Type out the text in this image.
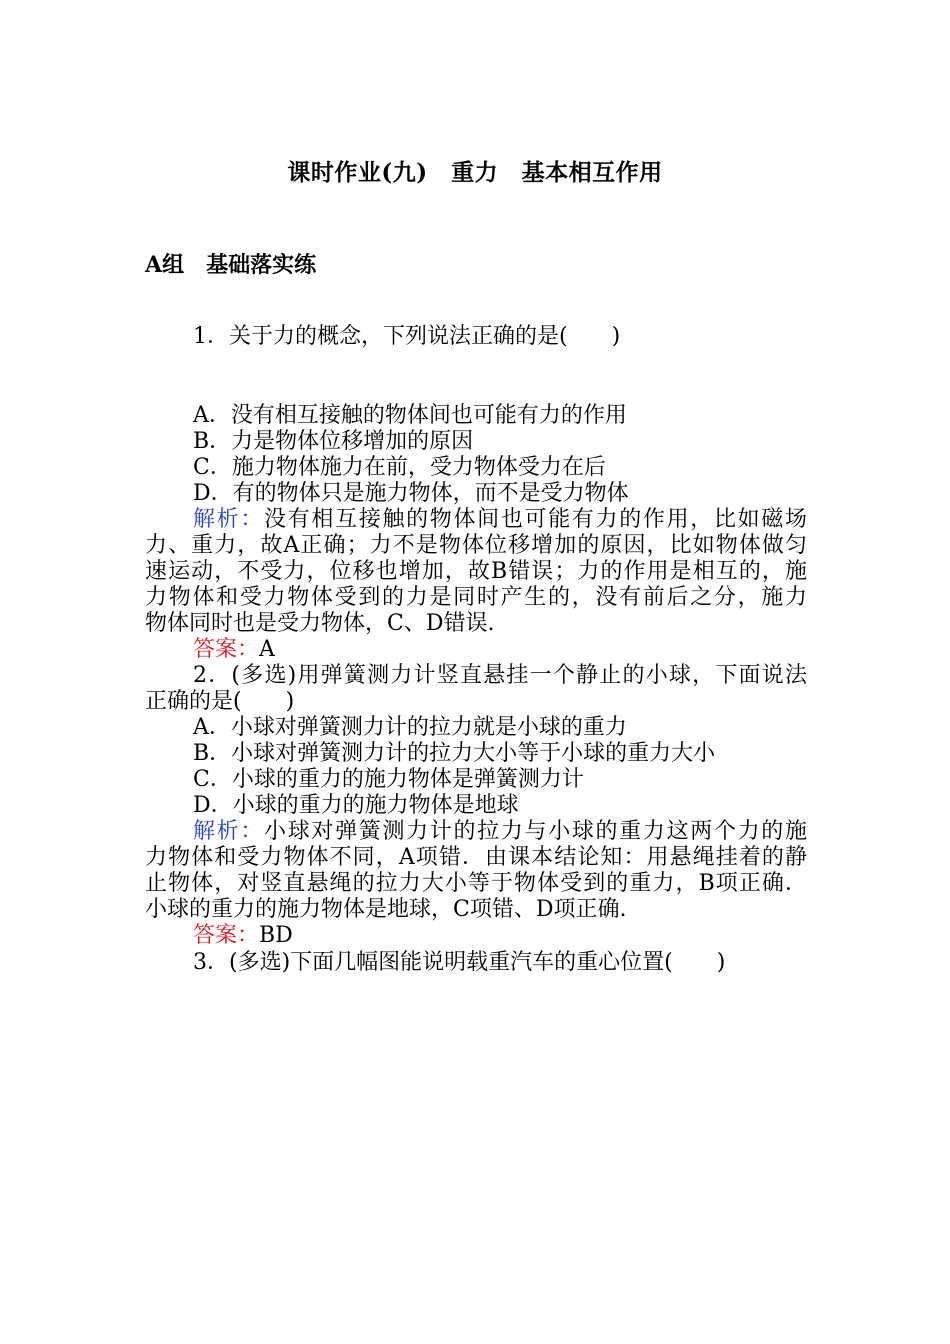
课时作业(九)　重力　基本相互作用
A组　基础落实练
1．关于力的概念，下列说法正确的是(　　)
A．没有相互接触的物体间也可能有力的作用
B．力是物体位移增加的原因
C．施力物体施力在前，受力物体受力在后
D．有的物体只是施力物体，而不是受力物体
解析：没有相互接触的物体间也可能有力的作用，比如磁场
力、重力，故A正确；力不是物体位移增加的原因，比如物体做匀
速运动，不受力，位移也增加，故B错误；力的作用是相互的，施
力物体和受力物体受到的力是同时产生的，没有前后之分，施力
物体同时也是受力物体，C、D错误.
答案：A
2．(多选)用弹簧测力计竖直悬挂一个静止的小球，下面说法
正确的是(　　)
A．小球对弹簧测力计的拉力就是小球的重力
B．小球对弹簧测力计的拉力大小等于小球的重力大小
C．小球的重力的施力物体是弹簧测力计
D．小球的重力的施力物体是地球
解析：小球对弹簧测力计的拉力与小球的重力这两个力的施
力物体和受力物体不同，A项错．由课本结论知：用悬绳挂着的静
止物体，对竖直悬绳的拉力大小等于物体受到的重力，B项正确．
小球的重力的施力物体是地球，C项错、D项正确.
答案：BD
3．(多选)下面几幅图能说明载重汽车的重心位置(　　)
